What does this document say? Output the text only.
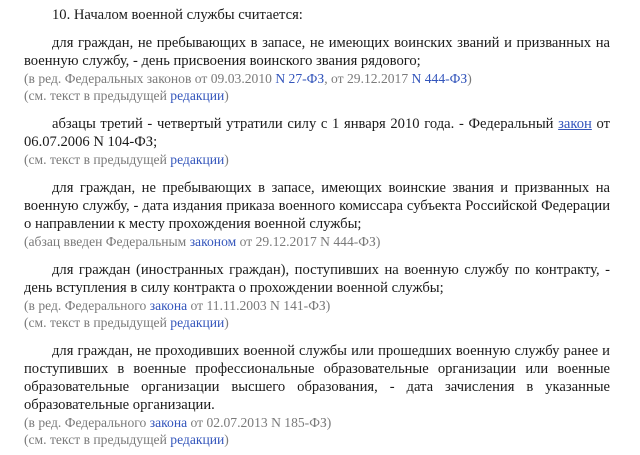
10. Началом военной службы считается:

для граждан, не пребывающих в запасе, не имеющих воинских званий и призванных на военную службу, - день присвоения воинского звания рядового;

(в ред. Федеральных законов от 09.03.2010 N 27-ФЗ, от 29.12.2017 N 444-ФЗ)

(см. текст в предыдущей редакции)

абзацы третий - четвертый утратили силу с 1 января 2010 года. - Федеральный закон от 06.07.2006 N 104-ФЗ;

(см. текст в предыдущей редакции)

для граждан, не пребывающих в запасе, имеющих воинские звания и призванных на военную службу, - дата издания приказа военного комиссара субъекта Российской Федерации о направлении к месту прохождения военной службы;

(абзац введен Федеральным законом от 29.12.2017 N 444-ФЗ)

для граждан (иностранных граждан), поступивших на военную службу по контракту, - день вступления в силу контракта о прохождении военной службы;

(в ред. Федерального закона от 11.11.2003 N 141-ФЗ)

(см. текст в предыдущей редакции)

для граждан, не проходивших военной службы или прошедших военную службу ранее и поступивших в военные профессиональные образовательные организации или военные образовательные организации высшего образования, - дата зачисления в указанные образовательные организации.

(в ред. Федерального закона от 02.07.2013 N 185-ФЗ)

(см. текст в предыдущей редакции)
